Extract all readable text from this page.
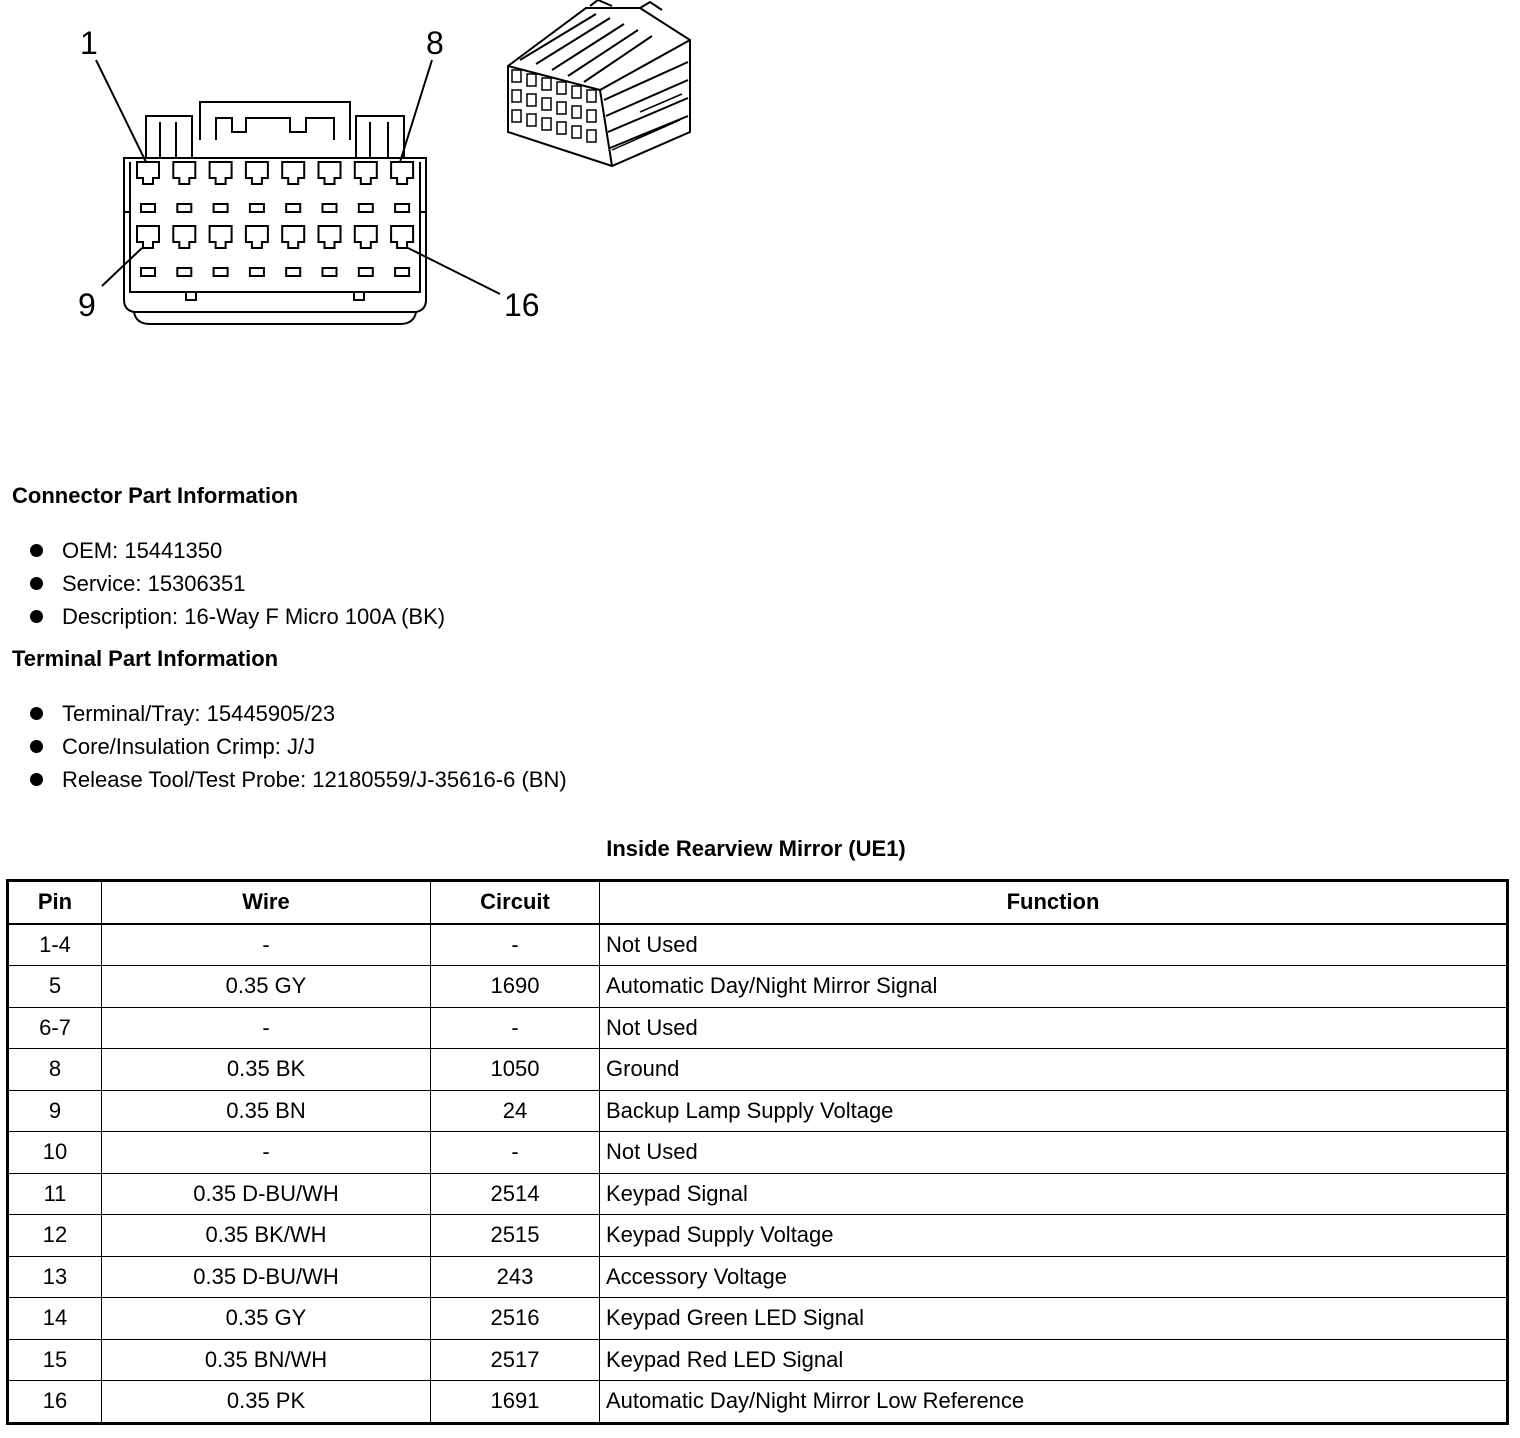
1	8
9	16
Connector Part Information
OEM: 15441350
Service: 15306351
Description: 16-Way F Micro 100A (BK)
Terminal Part Information
Terminal/Tray: 15445905/23
Core/Insulation Crimp: J/J
Release Tool/Test Probe: 12180559/J-35616-6 (BN)
Inside Rearview Mirror (UE1)
Pin	Wire	Circuit	Function
1-4	-	-	Not Used
5	0.35 GY	1690	Automatic Day/Night Mirror Signal
6-7	-	-	Not Used
8	0.35 BK	1050	Ground
9	0.35 BN	24	Backup Lamp Supply Voltage
10	-	-	Not Used
11	0.35 D-BU/WH	2514	Keypad Signal
12	0.35 BK/WH	2515	Keypad Supply Voltage
13	0.35 D-BU/WH	243	Accessory Voltage
14	0.35 GY	2516	Keypad Green LED Signal
15	0.35 BN/WH	2517	Keypad Red LED Signal
16	0.35 PK	1691	Automatic Day/Night Mirror Low Reference
